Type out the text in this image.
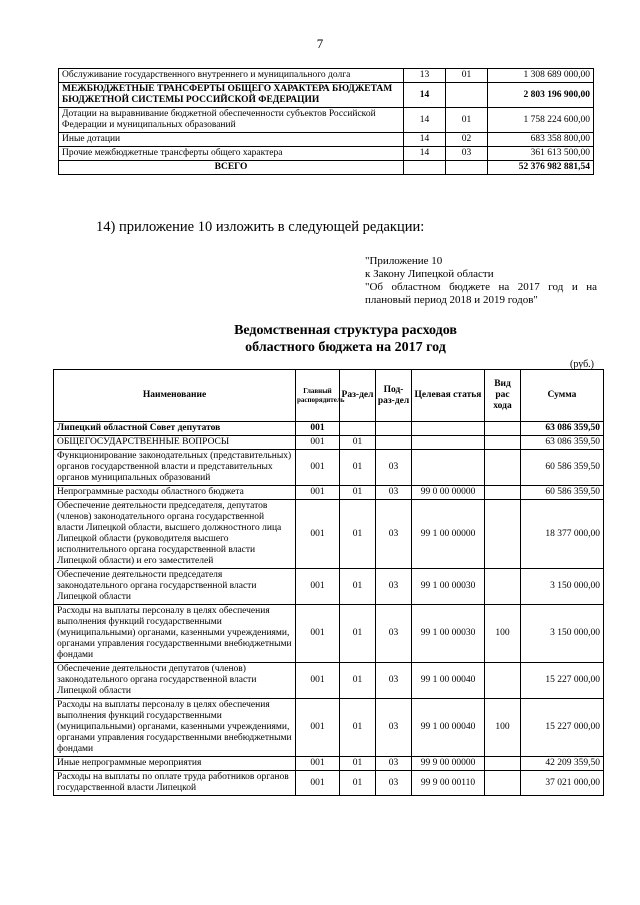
7
Обслуживание государственного внутреннего и муниципального долга	13	01	1 308 689 000,00
МЕЖБЮДЖЕТНЫЕ ТРАНСФЕРТЫ ОБЩЕГО ХАРАКТЕРА БЮДЖЕТАМ БЮДЖЕТНОЙ СИСТЕМЫ РОССИЙСКОЙ ФЕДЕРАЦИИ	14		2 803 196 900,00
Дотации на выравнивание бюджетной обеспеченности субъектов Российской Федерации и муниципальных образований	14	01	1 758 224 600,00
Иные дотации	14	02	683 358 800,00
Прочие межбюджетные трансферты общего характера	14	03	361 613 500,00
ВСЕГО			52 376 982 881,54
14) приложение 10 изложить в следующей редакции:
"Приложение 10
к Закону Липецкой области
"Об областном бюджете на 2017 год и на
плановый период 2018 и 2019 годов"
Ведомственная структура расходов
областного бюджета на 2017 год
(руб.)
Наименование	Главный распорядитель	Раз-дел	Под-раз-дел	Целевая статья	Вид рас хода	Сумма
Липецкий областной Совет депутатов	001					63 086 359,50
ОБЩЕГОСУДАРСТВЕННЫЕ ВОПРОСЫ	001	01				63 086 359,50
Функционирование законодательных (представительных) органов государственной власти и представительных органов муниципальных образований	001	01	03			60 586 359,50
Непрограммные расходы областного бюджета	001	01	03	99 0 00 00000		60 586 359,50
Обеспечение деятельности председателя, депутатов (членов) законодательного органа государственной власти Липецкой области, высшего должностного лица Липецкой области (руководителя высшего исполнительного органа государственной власти Липецкой области) и его заместителей	001	01	03	99 1 00 00000		18 377 000,00
Обеспечение деятельности председателя законодательного органа государственной власти Липецкой области	001	01	03	99 1 00 00030		3 150 000,00
Расходы на выплаты персоналу в целях обеспечения выполнения функций государственными (муниципальными) органами, казенными учреждениями, органами управления государственными внебюджетными фондами	001	01	03	99 1 00 00030	100	3 150 000,00
Обеспечение деятельности депутатов (членов) законодательного органа государственной власти Липецкой области	001	01	03	99 1 00 00040		15 227 000,00
Расходы на выплаты персоналу в целях обеспечения выполнения функций государственными (муниципальными) органами, казенными учреждениями, органами управления государственными внебюджетными фондами	001	01	03	99 1 00 00040	100	15 227 000,00
Иные непрограммные мероприятия	001	01	03	99 9 00 00000		42 209 359,50
Расходы на выплаты по оплате труда работников органов государственной власти Липецкой	001	01	03	99 9 00 00110		37 021 000,00
